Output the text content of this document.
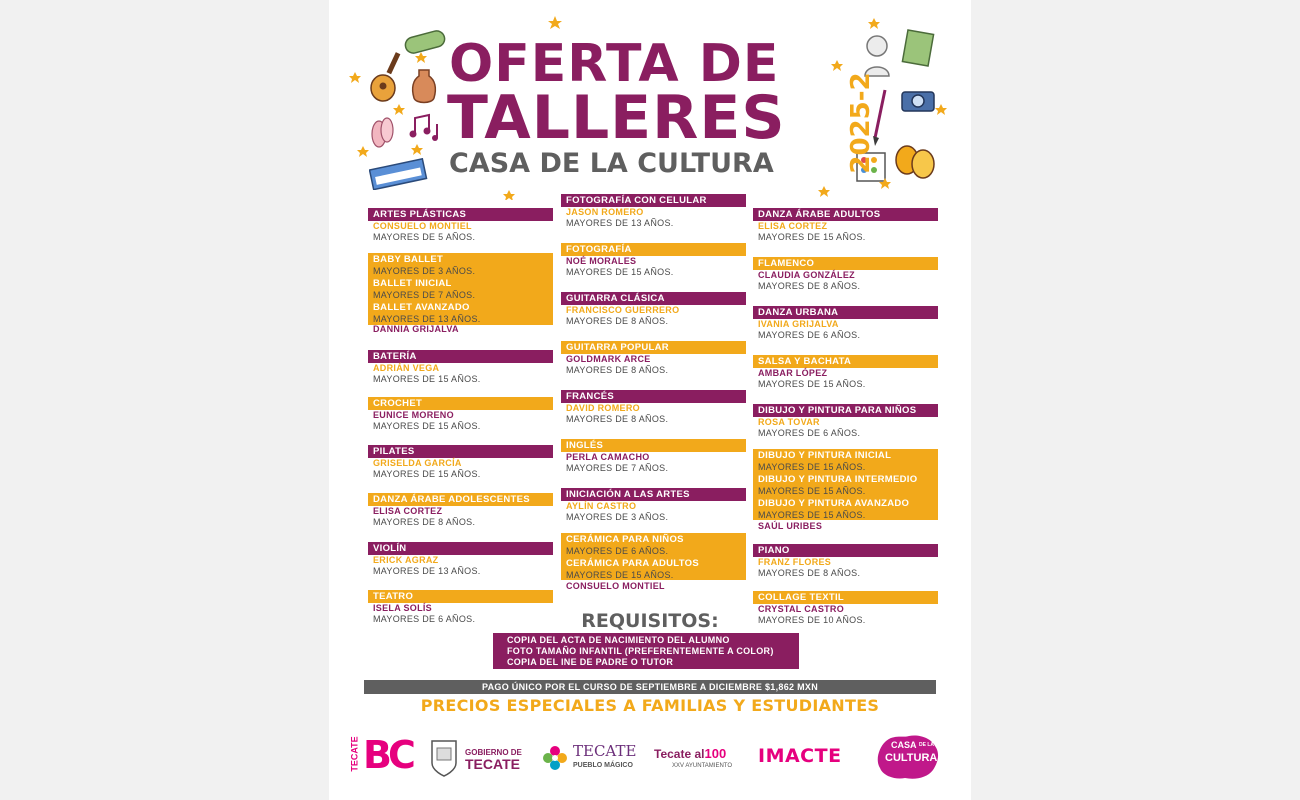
OFERTA DE
TALLERES
CASA DE LA CULTURA	2025-2
ARTES PLÁSTICAS
CONSUELO MONTIEL
MAYORES DE 5 AÑOS.
BABY BALLET
MAYORES DE 3 AÑOS.
BALLET INICIAL
MAYORES DE 7 AÑOS.
BALLET AVANZADO
MAYORES DE 13 AÑOS.
DANNIA GRIJALVA
BATERÍA
ADRIÁN VEGA
MAYORES DE 15 AÑOS.
CROCHET
EUNICE MORENO
MAYORES DE 15 AÑOS.
PILATES
GRISELDA GARCÍA
MAYORES DE 15 AÑOS.
DANZA ÁRABE ADOLESCENTES
ELISA CORTEZ
MAYORES DE 8 AÑOS.
VIOLÍN
ERICK AGRAZ
MAYORES DE 13 AÑOS.
TEATRO
ISELA SOLÍS
MAYORES DE 6 AÑOS.
FOTOGRAFÍA CON CELULAR
JASON ROMERO
MAYORES DE 13 AÑOS.
FOTOGRAFÍA
NOÉ MORALES
MAYORES DE 15 AÑOS.
GUITARRA CLÁSICA
FRANCISCO GUERRERO
MAYORES DE 8 AÑOS.
GUITARRA POPULAR
GOLDMARK ARCE
MAYORES DE 8 AÑOS.
FRANCÉS
DAVID ROMERO
MAYORES DE 8 AÑOS.
INGLÉS
PERLA CAMACHO
MAYORES DE 7 AÑOS.
INICIACIÓN A LAS ARTES
AYLÍN CASTRO
MAYORES DE 3 AÑOS.
CERÁMICA PARA NIÑOS
MAYORES DE 6 AÑOS.
CERÁMICA PARA ADULTOS
MAYORES DE 15 AÑOS.
CONSUELO MONTIEL
DANZA ÁRABE ADULTOS
ELISA CORTEZ
MAYORES DE 15 AÑOS.
FLAMENCO
CLAUDIA GONZÁLEZ
MAYORES DE 8 AÑOS.
DANZA URBANA
IVANIA GRIJALVA
MAYORES DE 6 AÑOS.
SALSA Y BACHATA
AMBAR LÓPEZ
MAYORES DE 15 AÑOS.
DIBUJO Y PINTURA PARA NIÑOS
ROSA TOVAR
MAYORES DE 6 AÑOS.
DIBUJO Y PINTURA INICIAL
MAYORES DE 15 AÑOS.
DIBUJO Y PINTURA INTERMEDIO
MAYORES DE 15 AÑOS.
DIBUJO Y PINTURA AVANZADO
MAYORES DE 15 AÑOS.
SAÚL URIBES
PIANO
FRANZ FLORES
MAYORES DE 8 AÑOS.
COLLAGE TEXTIL
CRYSTAL CASTRO
MAYORES DE 10 AÑOS.
REQUISITOS:
COPIA DEL ACTA DE NACIMIENTO DEL ALUMNO
FOTO TAMAÑO INFANTIL (PREFERENTEMENTE A COLOR)
COPIA DEL INE DE PADRE O TUTOR
PAGO ÚNICO POR EL CURSO DE SEPTIEMBRE A DICIEMBRE $1,862 MXN
PRECIOS ESPECIALES A FAMILIAS Y ESTUDIANTES
TECATE BC	GOBIERNO DE
TECATE
TECATE
PUEBLO MÁGICO
Tecate al100
XXV AYUNTAMIENTO	IMACTE	CASA DE LA
CULTURA
